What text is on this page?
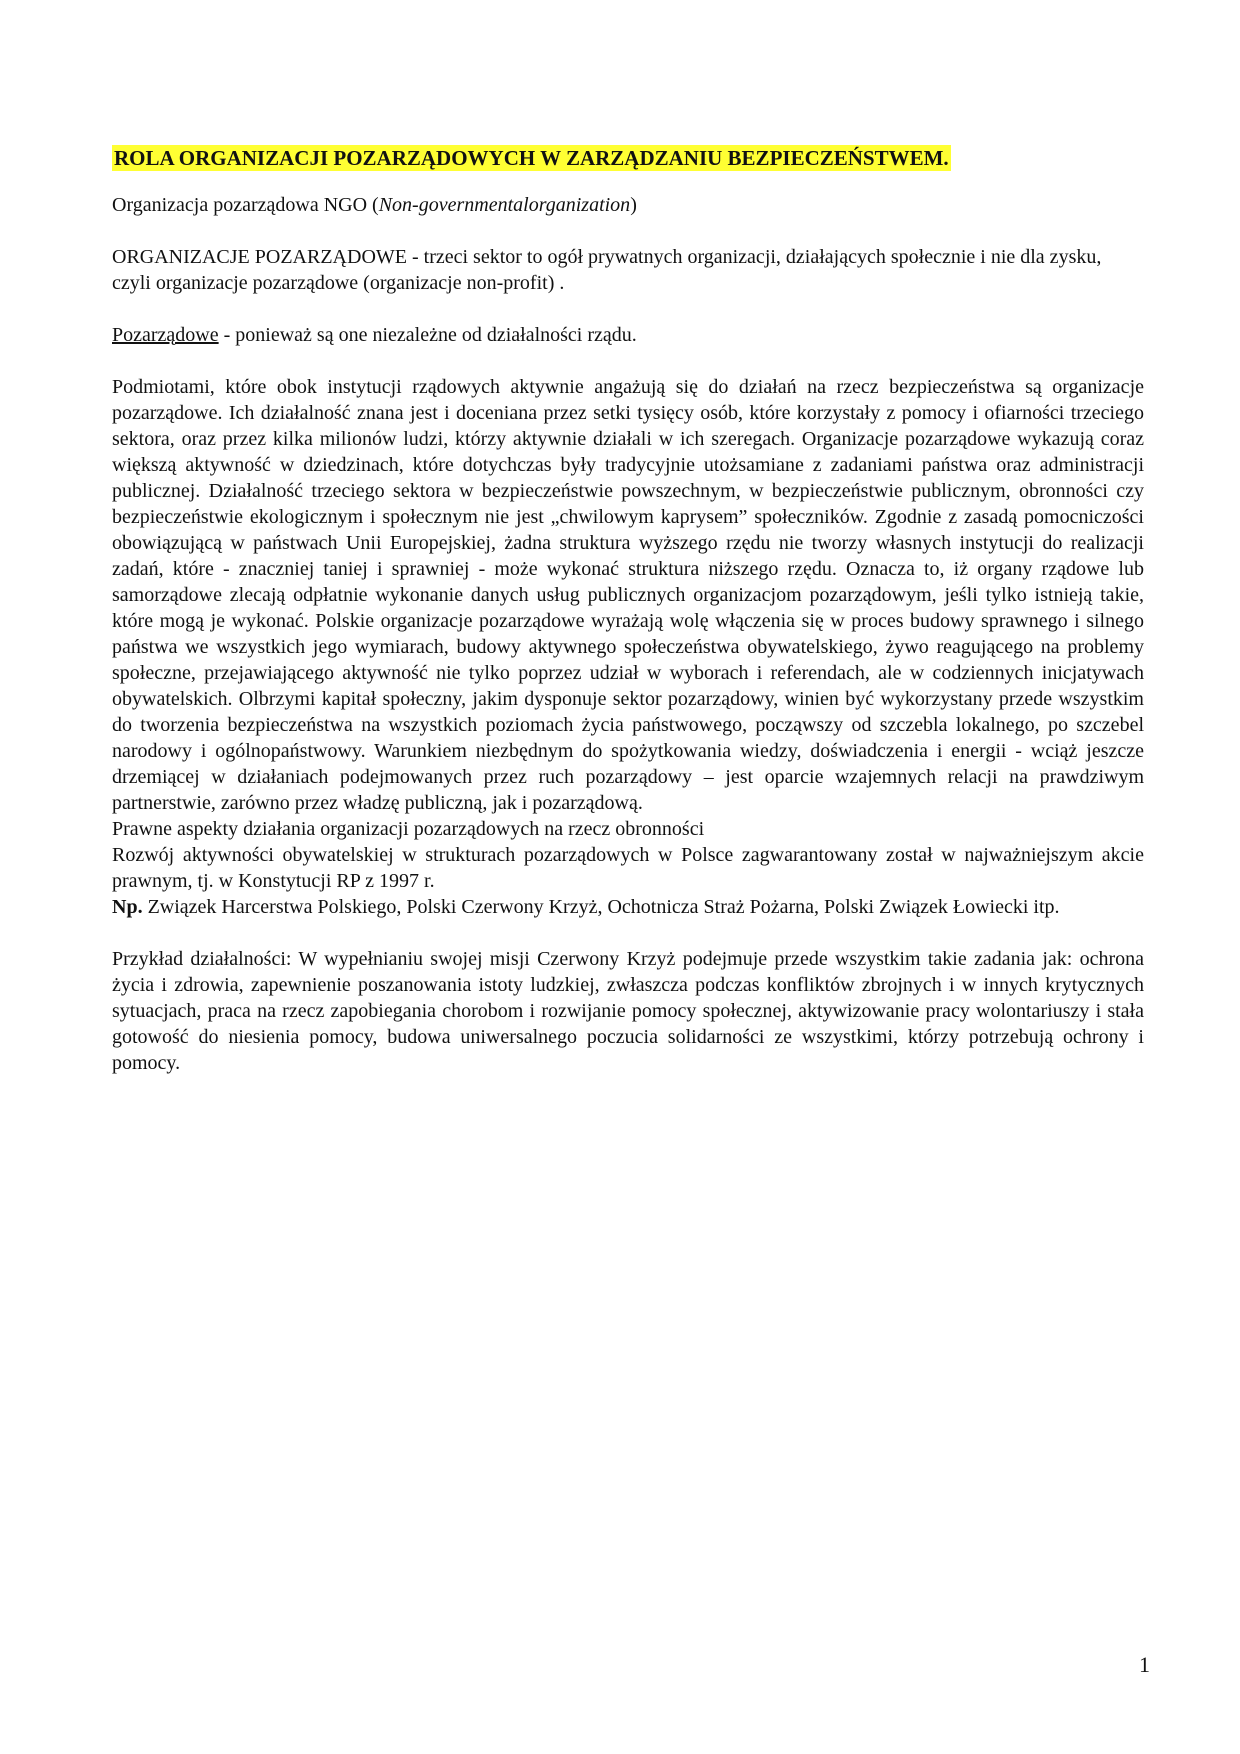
ROLA ORGANIZACJI POZARZĄDOWYCH W ZARZĄDZANIU BEZPIECZEŃSTWEM.

Organizacja pozarządowa NGO (Non-governmentalorganization)

ORGANIZACJE POZARZĄDOWE - trzeci sektor to ogół prywatnych organizacji, działających społecznie i nie dla zysku, czyli organizacje pozarządowe (organizacje non-profit) .

Pozarządowe - ponieważ są one niezależne od działalności rządu.

Podmiotami, które obok instytucji rządowych aktywnie angażują się do działań na rzecz bezpieczeństwa są organizacje pozarządowe. Ich działalność znana jest i doceniana przez setki tysięcy osób, które korzystały z pomocy i ofiarności trzeciego sektora, oraz przez kilka milionów ludzi, którzy aktywnie działali w ich szeregach. Organizacje pozarządowe wykazują coraz większą aktywność w dziedzinach, które dotychczas były tradycyjnie utożsamiane z zadaniami państwa oraz administracji publicznej. Działalność trzeciego sektora w bezpieczeństwie powszechnym, w bezpieczeństwie publicznym, obronności czy bezpieczeństwie ekologicznym i społecznym nie jest „chwilowym kaprysem” społeczników. Zgodnie z zasadą pomocniczości obowiązującą w państwach Unii Europejskiej, żadna struktura wyższego rzędu nie tworzy własnych instytucji do realizacji zadań, które - znaczniej taniej i sprawniej - może wykonać struktura niższego rzędu. Oznacza to, iż organy rządowe lub samorządowe zlecają odpłatnie wykonanie danych usług publicznych organizacjom pozarządowym, jeśli tylko istnieją takie, które mogą je wykonać. Polskie organizacje pozarządowe wyrażają wolę włączenia się w proces budowy sprawnego i silnego państwa we wszystkich jego wymiarach, budowy aktywnego społeczeństwa obywatelskiego, żywo reagującego na problemy społeczne, przejawiającego aktywność nie tylko poprzez udział w wyborach i referendach, ale w codziennych inicjatywach obywatelskich. Olbrzymi kapitał społeczny, jakim dysponuje sektor pozarządowy, winien być wykorzystany przede wszystkim do tworzenia bezpieczeństwa na wszystkich poziomach życia państwowego, począwszy od szczebla lokalnego, po szczebel narodowy i ogólnopaństwowy. Warunkiem niezbędnym do spożytkowania wiedzy, doświadczenia i energii - wciąż jeszcze drzemiącej w działaniach podejmowanych przez ruch pozarządowy – jest oparcie wzajemnych relacji na prawdziwym partnerstwie, zarówno przez władzę publiczną, jak i pozarządową.

Prawne aspekty działania organizacji pozarządowych na rzecz obronności

Rozwój aktywności obywatelskiej w strukturach pozarządowych w Polsce zagwarantowany został w najważniejszym akcie prawnym, tj. w Konstytucji RP z 1997 r.

Np. Związek Harcerstwa Polskiego, Polski Czerwony Krzyż, Ochotnicza Straż Pożarna, Polski Związek Łowiecki itp.

Przykład działalności: W wypełnianiu swojej misji Czerwony Krzyż podejmuje przede wszystkim takie zadania jak: ochrona życia i zdrowia, zapewnienie poszanowania istoty ludzkiej, zwłaszcza podczas konfliktów zbrojnych i w innych krytycznych sytuacjach, praca na rzecz zapobiegania chorobom i rozwijanie pomocy społecznej, aktywizowanie pracy wolontariuszy i stała gotowość do niesienia pomocy, budowa uniwersalnego poczucia solidarności ze wszystkimi, którzy potrzebują ochrony i pomocy.

1
